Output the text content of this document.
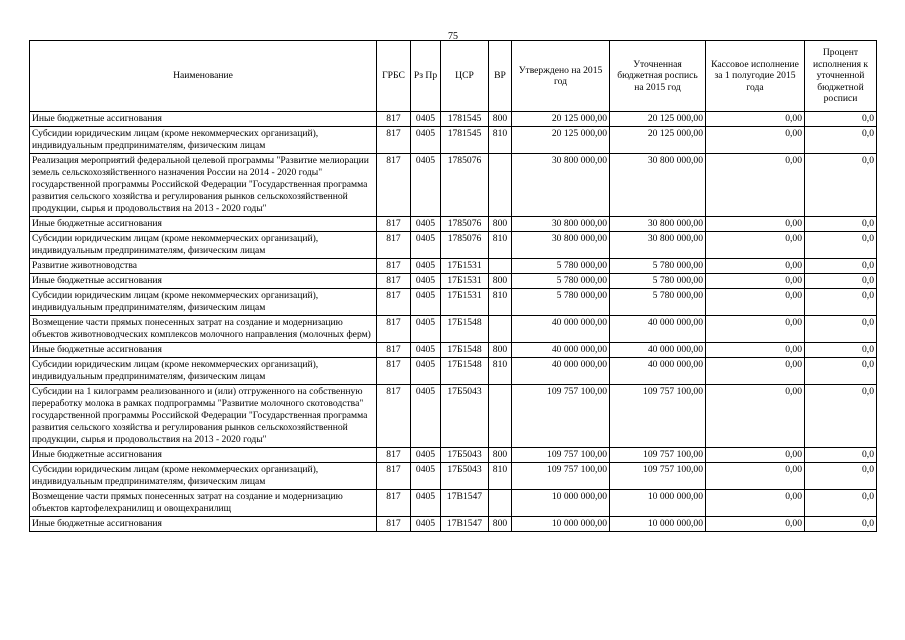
75
Наименование	ГРБС	Рз Пр	ЦСР	ВР	Утверждено на 2015 год	Уточненная бюджетная роспись на 2015 год	Кассовое исполнение за 1 полугодие 2015 года	Процент исполнения к уточненной бюджетной росписи
Иные бюджетные ассигнования	817	0405	1781545	800	20 125 000,00	20 125 000,00	0,00	0,0
Субсидии юридическим лицам (кроме некоммерческих организаций), индивидуальным предпринимателям, физическим лицам	817	0405	1781545	810	20 125 000,00	20 125 000,00	0,00	0,0
Реализация мероприятий федеральной целевой программы "Развитие мелиорации земель сельскохозяйственного назначения России на 2014 - 2020 годы" государственной программы Российской Федерации "Государственная программа развития сельского хозяйства и регулирования рынков сельскохозяйственной продукции, сырья и продовольствия на 2013 - 2020 годы"	817	0405	1785076		30 800 000,00	30 800 000,00	0,00	0,0
Иные бюджетные ассигнования	817	0405	1785076	800	30 800 000,00	30 800 000,00	0,00	0,0
Субсидии юридическим лицам (кроме некоммерческих организаций), индивидуальным предпринимателям, физическим лицам	817	0405	1785076	810	30 800 000,00	30 800 000,00	0,00	0,0
Развитие животноводства	817	0405	17Б1531		5 780 000,00	5 780 000,00	0,00	0,0
Иные бюджетные ассигнования	817	0405	17Б1531	800	5 780 000,00	5 780 000,00	0,00	0,0
Субсидии юридическим лицам (кроме некоммерческих организаций), индивидуальным предпринимателям, физическим лицам	817	0405	17Б1531	810	5 780 000,00	5 780 000,00	0,00	0,0
Возмещение части прямых понесенных затрат на создание и модернизацию объектов животноводческих комплексов молочного направления (молочных ферм)	817	0405	17Б1548		40 000 000,00	40 000 000,00	0,00	0,0
Иные бюджетные ассигнования	817	0405	17Б1548	800	40 000 000,00	40 000 000,00	0,00	0,0
Субсидии юридическим лицам (кроме некоммерческих организаций), индивидуальным предпринимателям, физическим лицам	817	0405	17Б1548	810	40 000 000,00	40 000 000,00	0,00	0,0
Субсидии на 1 килограмм реализованного и (или) отгруженного на собственную переработку молока в рамках подпрограммы "Развитие молочного скотоводства" государственной программы Российской Федерации "Государственная программа развития сельского хозяйства и регулирования рынков сельскохозяйственной продукции, сырья и продовольствия на 2013 - 2020 годы"	817	0405	17Б5043		109 757 100,00	109 757 100,00	0,00	0,0
Иные бюджетные ассигнования	817	0405	17Б5043	800	109 757 100,00	109 757 100,00	0,00	0,0
Субсидии юридическим лицам (кроме некоммерческих организаций), индивидуальным предпринимателям, физическим лицам	817	0405	17Б5043	810	109 757 100,00	109 757 100,00	0,00	0,0
Возмещение части прямых понесенных затрат на создание и модернизацию объектов картофелехранилищ и овощехранилищ	817	0405	17В1547		10 000 000,00	10 000 000,00	0,00	0,0
Иные бюджетные ассигнования	817	0405	17В1547	800	10 000 000,00	10 000 000,00	0,00	0,0
